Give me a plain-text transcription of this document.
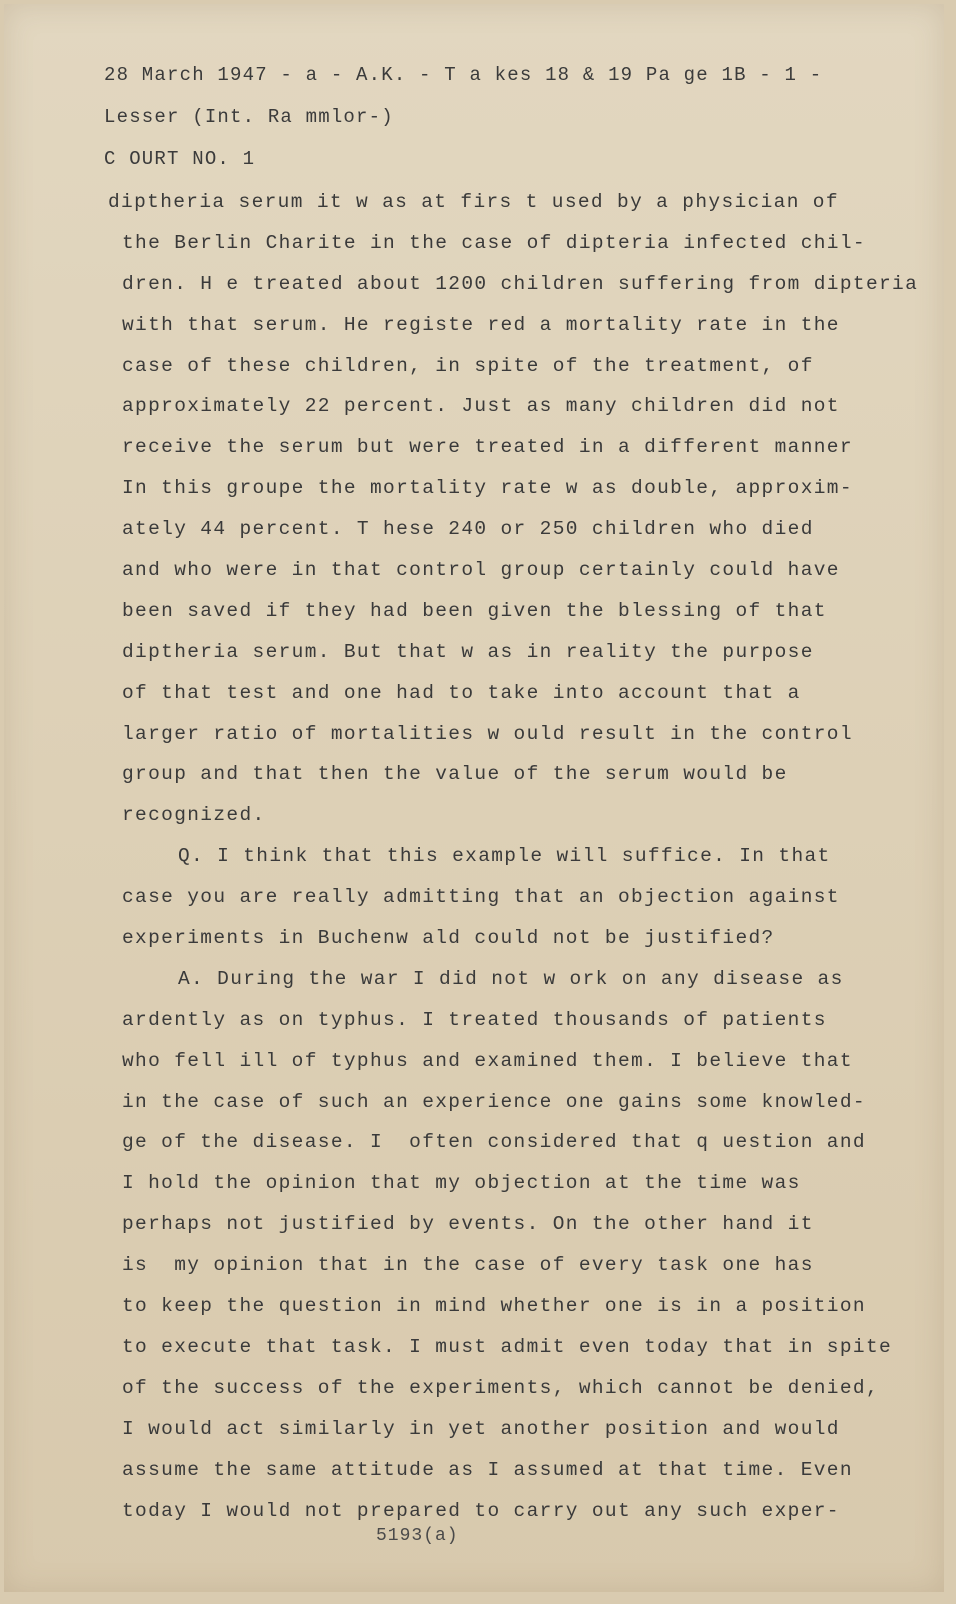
28 March 1947 - a - A.K. - T a kes 18 & 19 Pa ge 1B - 1 -
Lesser (Int. Ra mmlor-)
C OURT NO. 1
diptheria serum it w as at firs t used by a physician of
the Berlin Charite in the case of dipteria infected chil-
dren. H e treated about 1200 children suffering from dipteria
with that serum. He registe red a mortality rate in the
case of these children, in spite of the treatment, of
approximately 22 percent. Just as many children did not
receive the serum but were treated in a different manner
In this groupe the mortality rate w as double, approxim-
ately 44 percent. T hese 240 or 250 children who died
and who were in that control group certainly could have
been saved if they had been given the blessing of that
diptheria serum. But that w as in reality the purpose
of that test and one had to take into account that a
larger ratio of mortalities w ould result in the control
group and that then the value of the serum would be
recognized.
Q. I think that this example will suffice. In that
case you are really admitting that an objection against
experiments in Buchenw ald could not be justified?
A. During the war I did not w ork on any disease as
ardently as on typhus. I treated thousands of patients
who fell ill of typhus and examined them. I believe that
in the case of such an experience one gains some knowled-
ge of the disease. I  often considered that q uestion and
I hold the opinion that my objection at the time was
perhaps not justified by events. On the other hand it
is  my opinion that in the case of every task one has
to keep the question in mind whether one is in a position
to execute that task. I must admit even today that in spite
of the success of the experiments, which cannot be denied,
I would act similarly in yet another position and would
assume the same attitude as I assumed at that time. Even
today I would not prepared to carry out any such exper-
5193(a)
